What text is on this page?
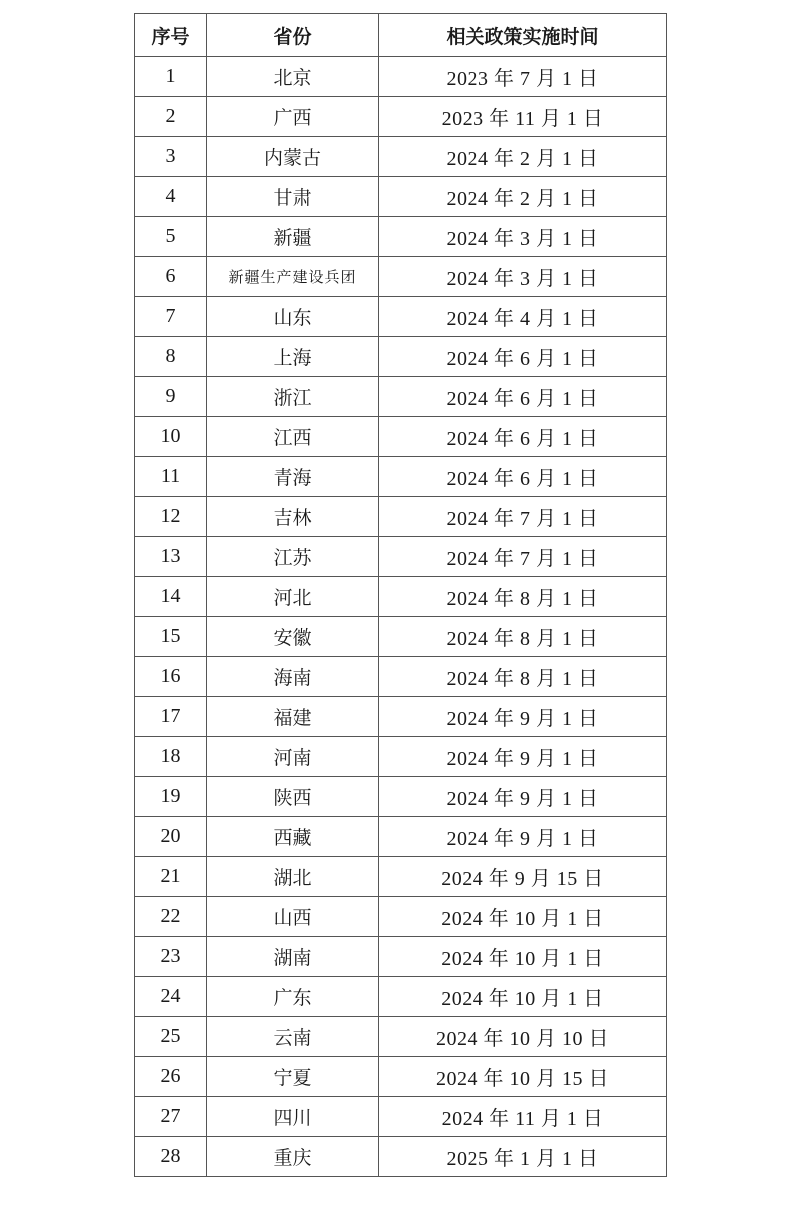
序号	省份	相关政策实施时间
1	北京	2023 年 7 月 1 日
2	广西	2023 年 11 月 1 日
3	内蒙古	2024 年 2 月 1 日
4	甘肃	2024 年 2 月 1 日
5	新疆	2024 年 3 月 1 日
6	新疆生产建设兵团	2024 年 3 月 1 日
7	山东	2024 年 4 月 1 日
8	上海	2024 年 6 月 1 日
9	浙江	2024 年 6 月 1 日
10	江西	2024 年 6 月 1 日
11	青海	2024 年 6 月 1 日
12	吉林	2024 年 7 月 1 日
13	江苏	2024 年 7 月 1 日
14	河北	2024 年 8 月 1 日
15	安徽	2024 年 8 月 1 日
16	海南	2024 年 8 月 1 日
17	福建	2024 年 9 月 1 日
18	河南	2024 年 9 月 1 日
19	陕西	2024 年 9 月 1 日
20	西藏	2024 年 9 月 1 日
21	湖北	2024 年 9 月 15 日
22	山西	2024 年 10 月 1 日
23	湖南	2024 年 10 月 1 日
24	广东	2024 年 10 月 1 日
25	云南	2024 年 10 月 10 日
26	宁夏	2024 年 10 月 15 日
27	四川	2024 年 11 月 1 日
28	重庆	2025 年 1 月 1 日
